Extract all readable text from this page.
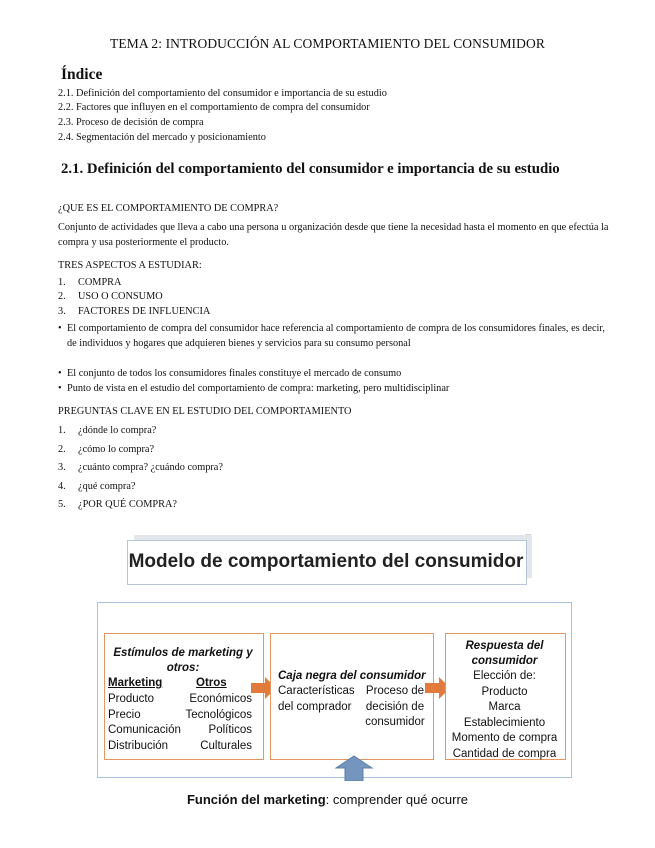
TEMA 2: INTRODUCCIÓN AL COMPORTAMIENTO DEL CONSUMIDOR
Índice
2.1. Definición del comportamiento del consumidor e importancia de su estudio
2.2. Factores que influyen en el comportamiento de compra del consumidor
2.3. Proceso de decisión de compra
2.4. Segmentación del mercado y posicionamiento
2.1. Definición del comportamiento del consumidor e importancia de su estudio
¿QUE ES EL COMPORTAMIENTO DE COMPRA?
Conjunto de actividades que lleva a cabo una persona u organización desde que tiene la necesidad hasta el momento en que efectúa la compra y usa posteriormente el producto.
TRES ASPECTOS A ESTUDIAR:
1. COMPRA
2. USO O CONSUMO
3. FACTORES DE INFLUENCIA
• El comportamiento de compra del consumidor hace referencia al comportamiento de compra de los consumidores finales, es decir, de individuos y hogares que adquieren bienes y servicios para su consumo personal
• El conjunto de todos los consumidores finales constituye el mercado de consumo
• Punto de vista en el estudio del comportamiento de compra: marketing, pero multidisciplinar
PREGUNTAS CLAVE EN EL ESTUDIO DEL COMPORTAMIENTO
1. ¿dónde lo compra?
2. ¿cómo lo compra?
3. ¿cuánto compra? ¿cuándo compra?
4. ¿qué compra?
5. ¿POR QUÉ COMPRA?
Modelo de comportamiento del consumidor
Estímulos de marketing y
otros:
Marketing	Otros
Producto
Precio
Comunicación
Distribución
Económicos
Tecnológicos
Políticos
Culturales
Caja negra del consumidor
Características
del comprador
Proceso de
decisión de
consumidor
Respuesta del
consumidor
Elección de:
Producto
Marca
Establecimiento
Momento de compra
Cantidad de compra
Función del marketing: comprender qué ocurre
